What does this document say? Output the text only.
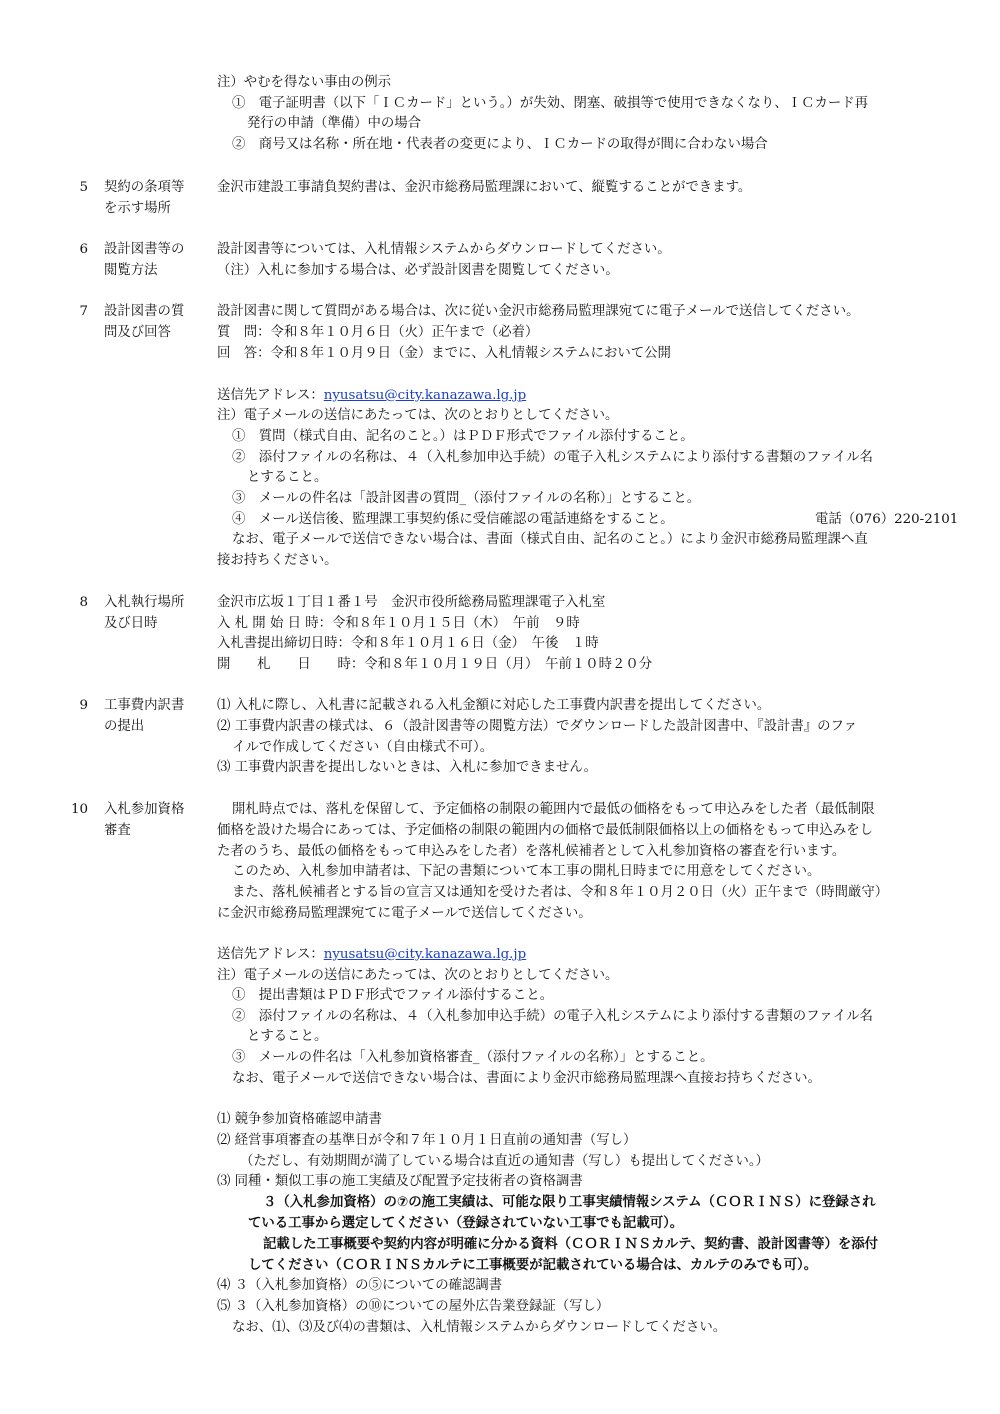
注）やむを得ない事由の例示
①　電子証明書（以下「ＩＣカード」という。）が失効、閉塞、破損等で使用できなくなり、ＩＣカード再
発行の申請（準備）中の場合
②　商号又は名称・所在地・代表者の変更により、ＩＣカードの取得が間に合わない場合
5 契約の条項等
を示す場所
金沢市建設工事請負契約書は、金沢市総務局監理課において、縦覧することができます。
6 設計図書等の
閲覧方法
設計図書等については、入札情報システムからダウンロードしてください。
（注）入札に参加する場合は、必ず設計図書を閲覧してください。
7 設計図書の質
問及び回答
設計図書に関して質問がある場合は、次に従い金沢市総務局監理課宛てに電子メールで送信してください。
質　問：令和８年１０月６日（火）正午まで（必着）
回　答：令和８年１０月９日（金）までに、入札情報システムにおいて公開
送信先アドレス：nyusatsu@city.kanazawa.lg.jp
注）電子メールの送信にあたっては、次のとおりとしてください。
①　質問（様式自由、記名のこと。）はＰＤＦ形式でファイル添付すること。
②　添付ファイルの名称は、４（入札参加申込手続）の電子入札システムにより添付する書類のファイル名
とすること。
③　メールの件名は「設計図書の質問_（添付ファイルの名称）」とすること。
④　メール送信後、監理課工事契約係に受信確認の電話連絡をすること。	電話（076）220-2101
なお、電子メールで送信できない場合は、書面（様式自由、記名のこと。）により金沢市総務局監理課へ直
接お持ちください。
8 入札執行場所
及び日時
金沢市広坂１丁目１番１号　金沢市役所総務局監理課電子入札室
入 札 開 始 日 時：令和８年１０月１５日（木）　午前　９時
入札書提出締切日時：令和８年１０月１６日（金）　午後　１時
開　　札　　日　　時：令和８年１０月１９日（月）　午前１０時２０分
9 工事費内訳書
の提出
⑴ 入札に際し、入札書に記載される入札金額に対応した工事費内訳書を提出してください。
⑵ 工事費内訳書の様式は、６（設計図書等の閲覧方法）でダウンロードした設計図書中、『設計書』のファ
イルで作成してください（自由様式不可）。
⑶ 工事費内訳書を提出しないときは、入札に参加できません。
10 入札参加資格
審査
開札時点では、落札を保留して、予定価格の制限の範囲内で最低の価格をもって申込みをした者（最低制限
価格を設けた場合にあっては、予定価格の制限の範囲内の価格で最低制限価格以上の価格をもって申込みをし
た者のうち、最低の価格をもって申込みをした者）を落札候補者として入札参加資格の審査を行います。
このため、入札参加申請者は、下記の書類について本工事の開札日時までに用意をしてください。
また、落札候補者とする旨の宣言又は通知を受けた者は、令和８年１０月２０日（火）正午まで（時間厳守）
に金沢市総務局監理課宛てに電子メールで送信してください。
送信先アドレス：nyusatsu@city.kanazawa.lg.jp
注）電子メールの送信にあたっては、次のとおりとしてください。
①　提出書類はＰＤＦ形式でファイル添付すること。
②　添付ファイルの名称は、４（入札参加申込手続）の電子入札システムにより添付する書類のファイル名
とすること。
③　メールの件名は「入札参加資格審査_（添付ファイルの名称）」とすること。
なお、電子メールで送信できない場合は、書面により金沢市総務局監理課へ直接お持ちください。
⑴ 競争参加資格確認申請書
⑵ 経営事項審査の基準日が令和７年１０月１日直前の通知書（写し）
（ただし、有効期間が満了している場合は直近の通知書（写し）も提出してください。）
⑶ 同種・類似工事の施工実績及び配置予定技術者の資格調書
３（入札参加資格）の⑦の施工実績は、可能な限り工事実績情報システム（ＣＯＲＩＮＳ）に登録され
ている工事から選定してください（登録されていない工事でも記載可）。
記載した工事概要や契約内容が明確に分かる資料（ＣＯＲＩＮＳカルテ、契約書、設計図書等）を添付
してください（ＣＯＲＩＮＳカルテに工事概要が記載されている場合は、カルテのみでも可）。
⑷ ３（入札参加資格）の⑤についての確認調書
⑸ ３（入札参加資格）の⑩についての屋外広告業登録証（写し）
なお、⑴、⑶及び⑷の書類は、入札情報システムからダウンロードしてください。
